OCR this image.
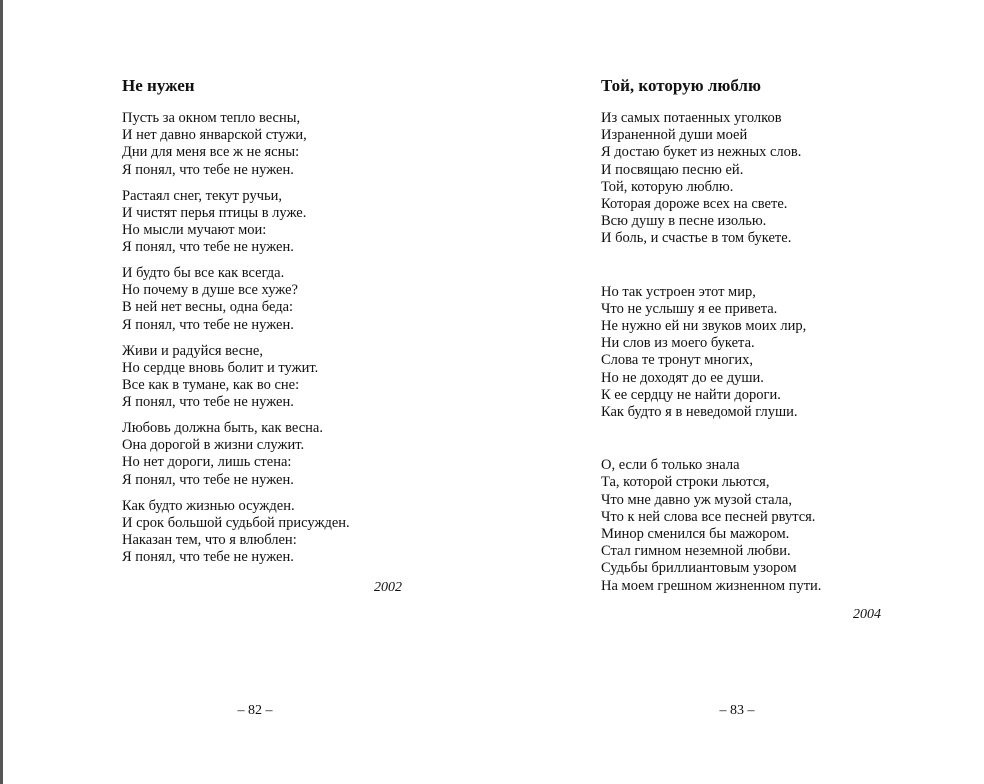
Не нужен

Пусть за окном тепло весны,
И нет давно январской стужи,
Дни для меня все ж не ясны:
Я понял, что тебе не нужен.

Растаял снег, текут ручьи,
И чистят перья птицы в луже.
Но мысли мучают мои:
Я понял, что тебе не нужен.

И будто бы все как всегда.
Но почему в душе все хуже?
В ней нет весны, одна беда:
Я понял, что тебе не нужен.

Живи и радуйся весне,
Но сердце вновь болит и тужит.
Все как в тумане, как во сне:
Я понял, что тебе не нужен.

Любовь должна быть, как весна.
Она дорогой в жизни служит.
Но нет дороги, лишь стена:
Я понял, что тебе не нужен.

Как будто жизнью осужден.
И срок большой судьбой присужден.
Наказан тем, что я влюблен:
Я понял, что тебе не нужен.

2002
– 82 –
Той, которую люблю

Из самых потаенных уголков
Израненной души моей
Я достаю букет из нежных слов.
И посвящаю песню ей.
Той, которую люблю.
Которая дороже всех на свете.
Всю душу в песне изолью.
И боль, и счастье в том букете.

Но так устроен этот мир,
Что не услышу я ее привета.
Не нужно ей ни звуков моих лир,
Ни слов из моего букета.
Слова те тронут многих,
Но не доходят до ее души.
К ее сердцу не найти дороги.
Как будто я в неведомой глуши.

О, если б только знала
Та, которой строки льются,
Что мне давно уж музой стала,
Что к ней слова все песней рвутся.
Минор сменился бы мажором.
Стал гимном неземной любви.
Судьбы бриллиантовым узором
На моем грешном жизненном пути.

2004
– 83 –
